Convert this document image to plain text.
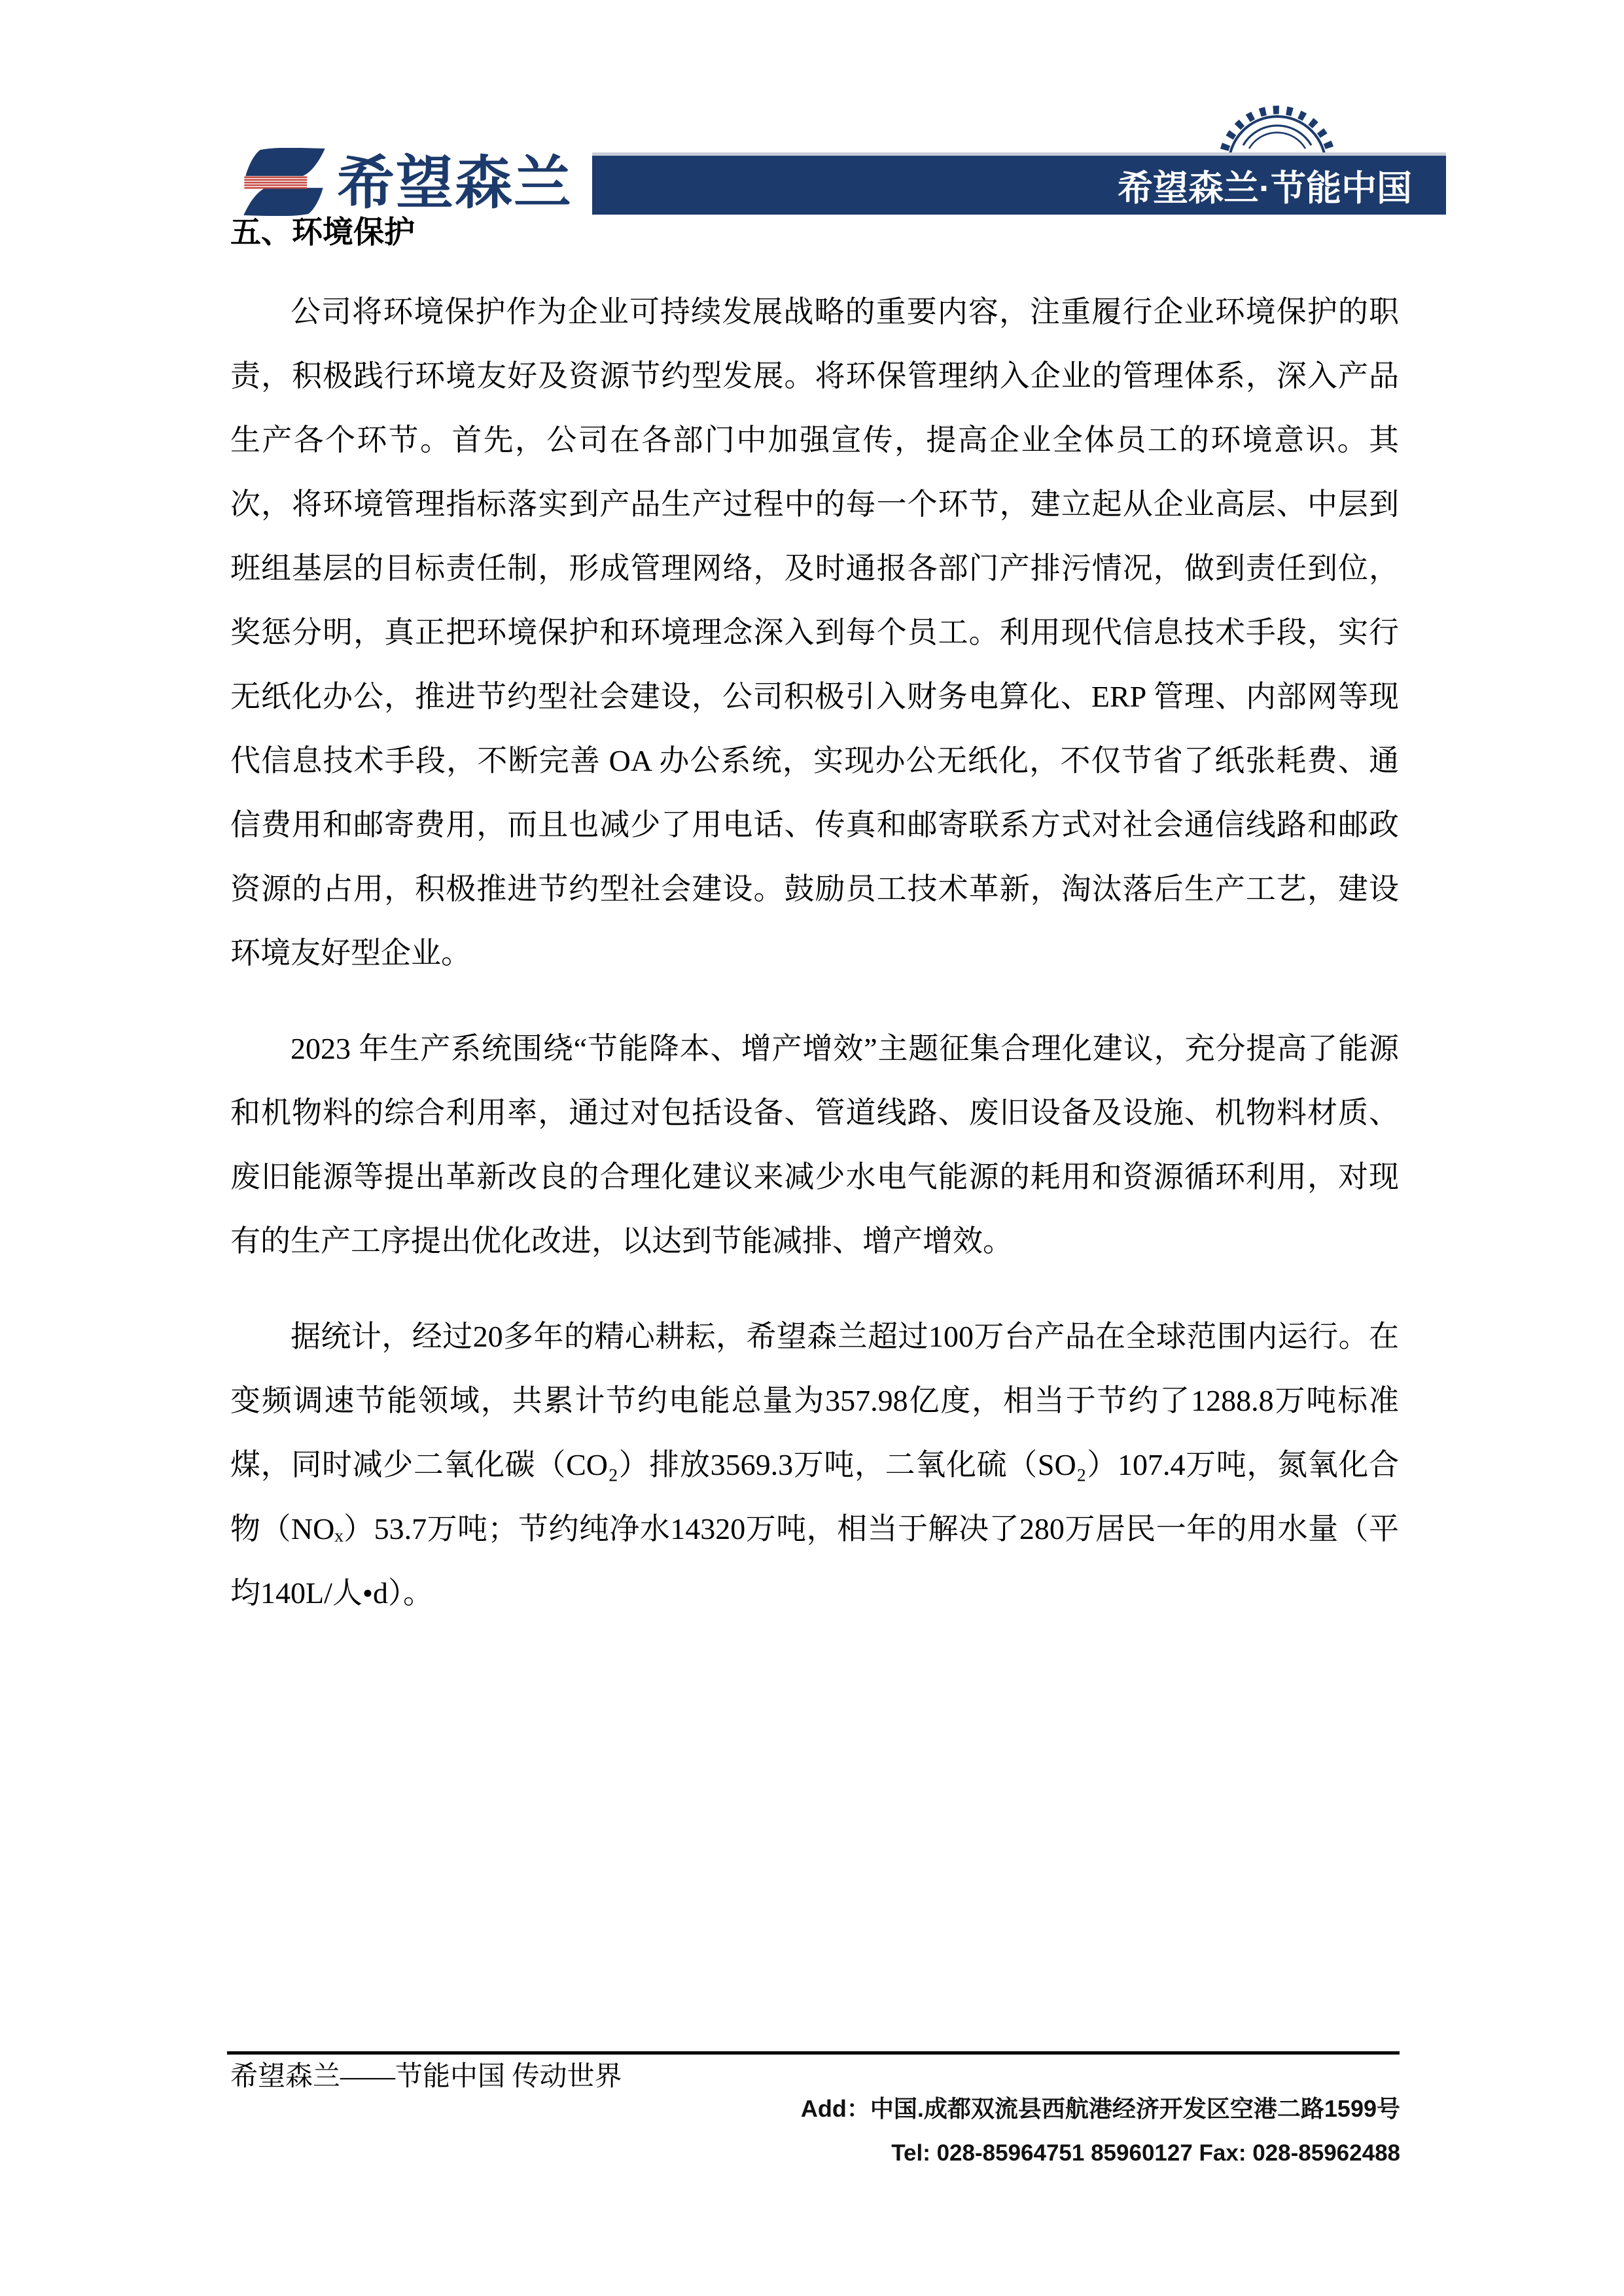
希望森兰	希望森兰·节能中国
五、环境保护

公司将环境保护作为企业可持续发展战略的重要内容，注重履行企业环境保护的职责，积极践行环境友好及资源节约型发展。将环保管理纳入企业的管理体系，深入产品生产各个环节。首先，公司在各部门中加强宣传，提高企业全体员工的环境意识。其次，将环境管理指标落实到产品生产过程中的每一个环节，建立起从企业高层、中层到班组基层的目标责任制，形成管理网络，及时通报各部门产排污情况，做到责任到位，奖惩分明，真正把环境保护和环境理念深入到每个员工。利用现代信息技术手段，实行无纸化办公，推进节约型社会建设，公司积极引入财务电算化、ERP 管理、内部网等现代信息技术手段，不断完善 OA 办公系统，实现办公无纸化，不仅节省了纸张耗费、通信费用和邮寄费用，而且也减少了用电话、传真和邮寄联系方式对社会通信线路和邮政资源的占用，积极推进节约型社会建设。鼓励员工技术革新，淘汰落后生产工艺，建设环境友好型企业。

2023 年生产系统围绕“节能降本、增产增效”主题征集合理化建议，充分提高了能源和机物料的综合利用率，通过对包括设备、管道线路、废旧设备及设施、机物料材质、废旧能源等提出革新改良的合理化建议来减少水电气能源的耗用和资源循环利用，对现有的生产工序提出优化改进，以达到节能减排、增产增效。

据统计，经过20多年的精心耕耘，希望森兰超过100万台产品在全球范围内运行。在变频调速节能领域，共累计节约电能总量为357.98亿度，相当于节约了1288.8万吨标准煤，同时减少二氧化碳（CO₂）排放3569.3万吨，二氧化硫（SO₂）107.4万吨，氮氧化合物（NOₓ）53.7万吨；节约纯净水14320万吨，相当于解决了280万居民一年的用水量（平均140L/人•d）。

希望森兰——节能中国 传动世界
Add：中国.成都双流县西航港经济开发区空港二路1599号
Tel: 028-85964751 85960127 Fax: 028-85962488
